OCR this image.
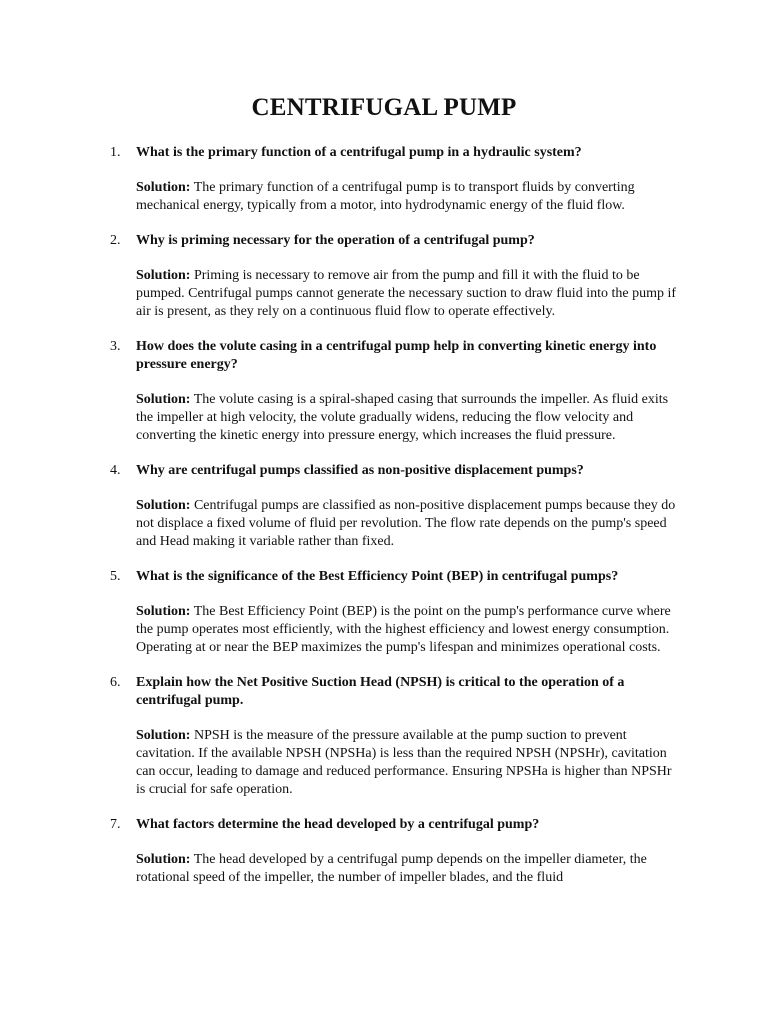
CENTRIFUGAL PUMP
1. What is the primary function of a centrifugal pump in a hydraulic system?

Solution: The primary function of a centrifugal pump is to transport fluids by converting mechanical energy, typically from a motor, into hydrodynamic energy of the fluid flow.

2. Why is priming necessary for the operation of a centrifugal pump?

Solution: Priming is necessary to remove air from the pump and fill it with the fluid to be pumped. Centrifugal pumps cannot generate the necessary suction to draw fluid into the pump if air is present, as they rely on a continuous fluid flow to operate effectively.

3. How does the volute casing in a centrifugal pump help in converting kinetic energy into pressure energy?

Solution: The volute casing is a spiral-shaped casing that surrounds the impeller. As fluid exits the impeller at high velocity, the volute gradually widens, reducing the flow velocity and converting the kinetic energy into pressure energy, which increases the fluid pressure.

4. Why are centrifugal pumps classified as non-positive displacement pumps?

Solution: Centrifugal pumps are classified as non-positive displacement pumps because they do not displace a fixed volume of fluid per revolution. The flow rate depends on the pump's speed and Head making it variable rather than fixed.

5. What is the significance of the Best Efficiency Point (BEP) in centrifugal pumps?

Solution: The Best Efficiency Point (BEP) is the point on the pump's performance curve where the pump operates most efficiently, with the highest efficiency and lowest energy consumption. Operating at or near the BEP maximizes the pump's lifespan and minimizes operational costs.

6. Explain how the Net Positive Suction Head (NPSH) is critical to the operation of a centrifugal pump.

Solution: NPSH is the measure of the pressure available at the pump suction to prevent cavitation. If the available NPSH (NPSHa) is less than the required NPSH (NPSHr), cavitation can occur, leading to damage and reduced performance. Ensuring NPSHa is higher than NPSHr is crucial for safe operation.

7. What factors determine the head developed by a centrifugal pump?

Solution: The head developed by a centrifugal pump depends on the impeller diameter, the rotational speed of the impeller, the number of impeller blades, and the fluid
